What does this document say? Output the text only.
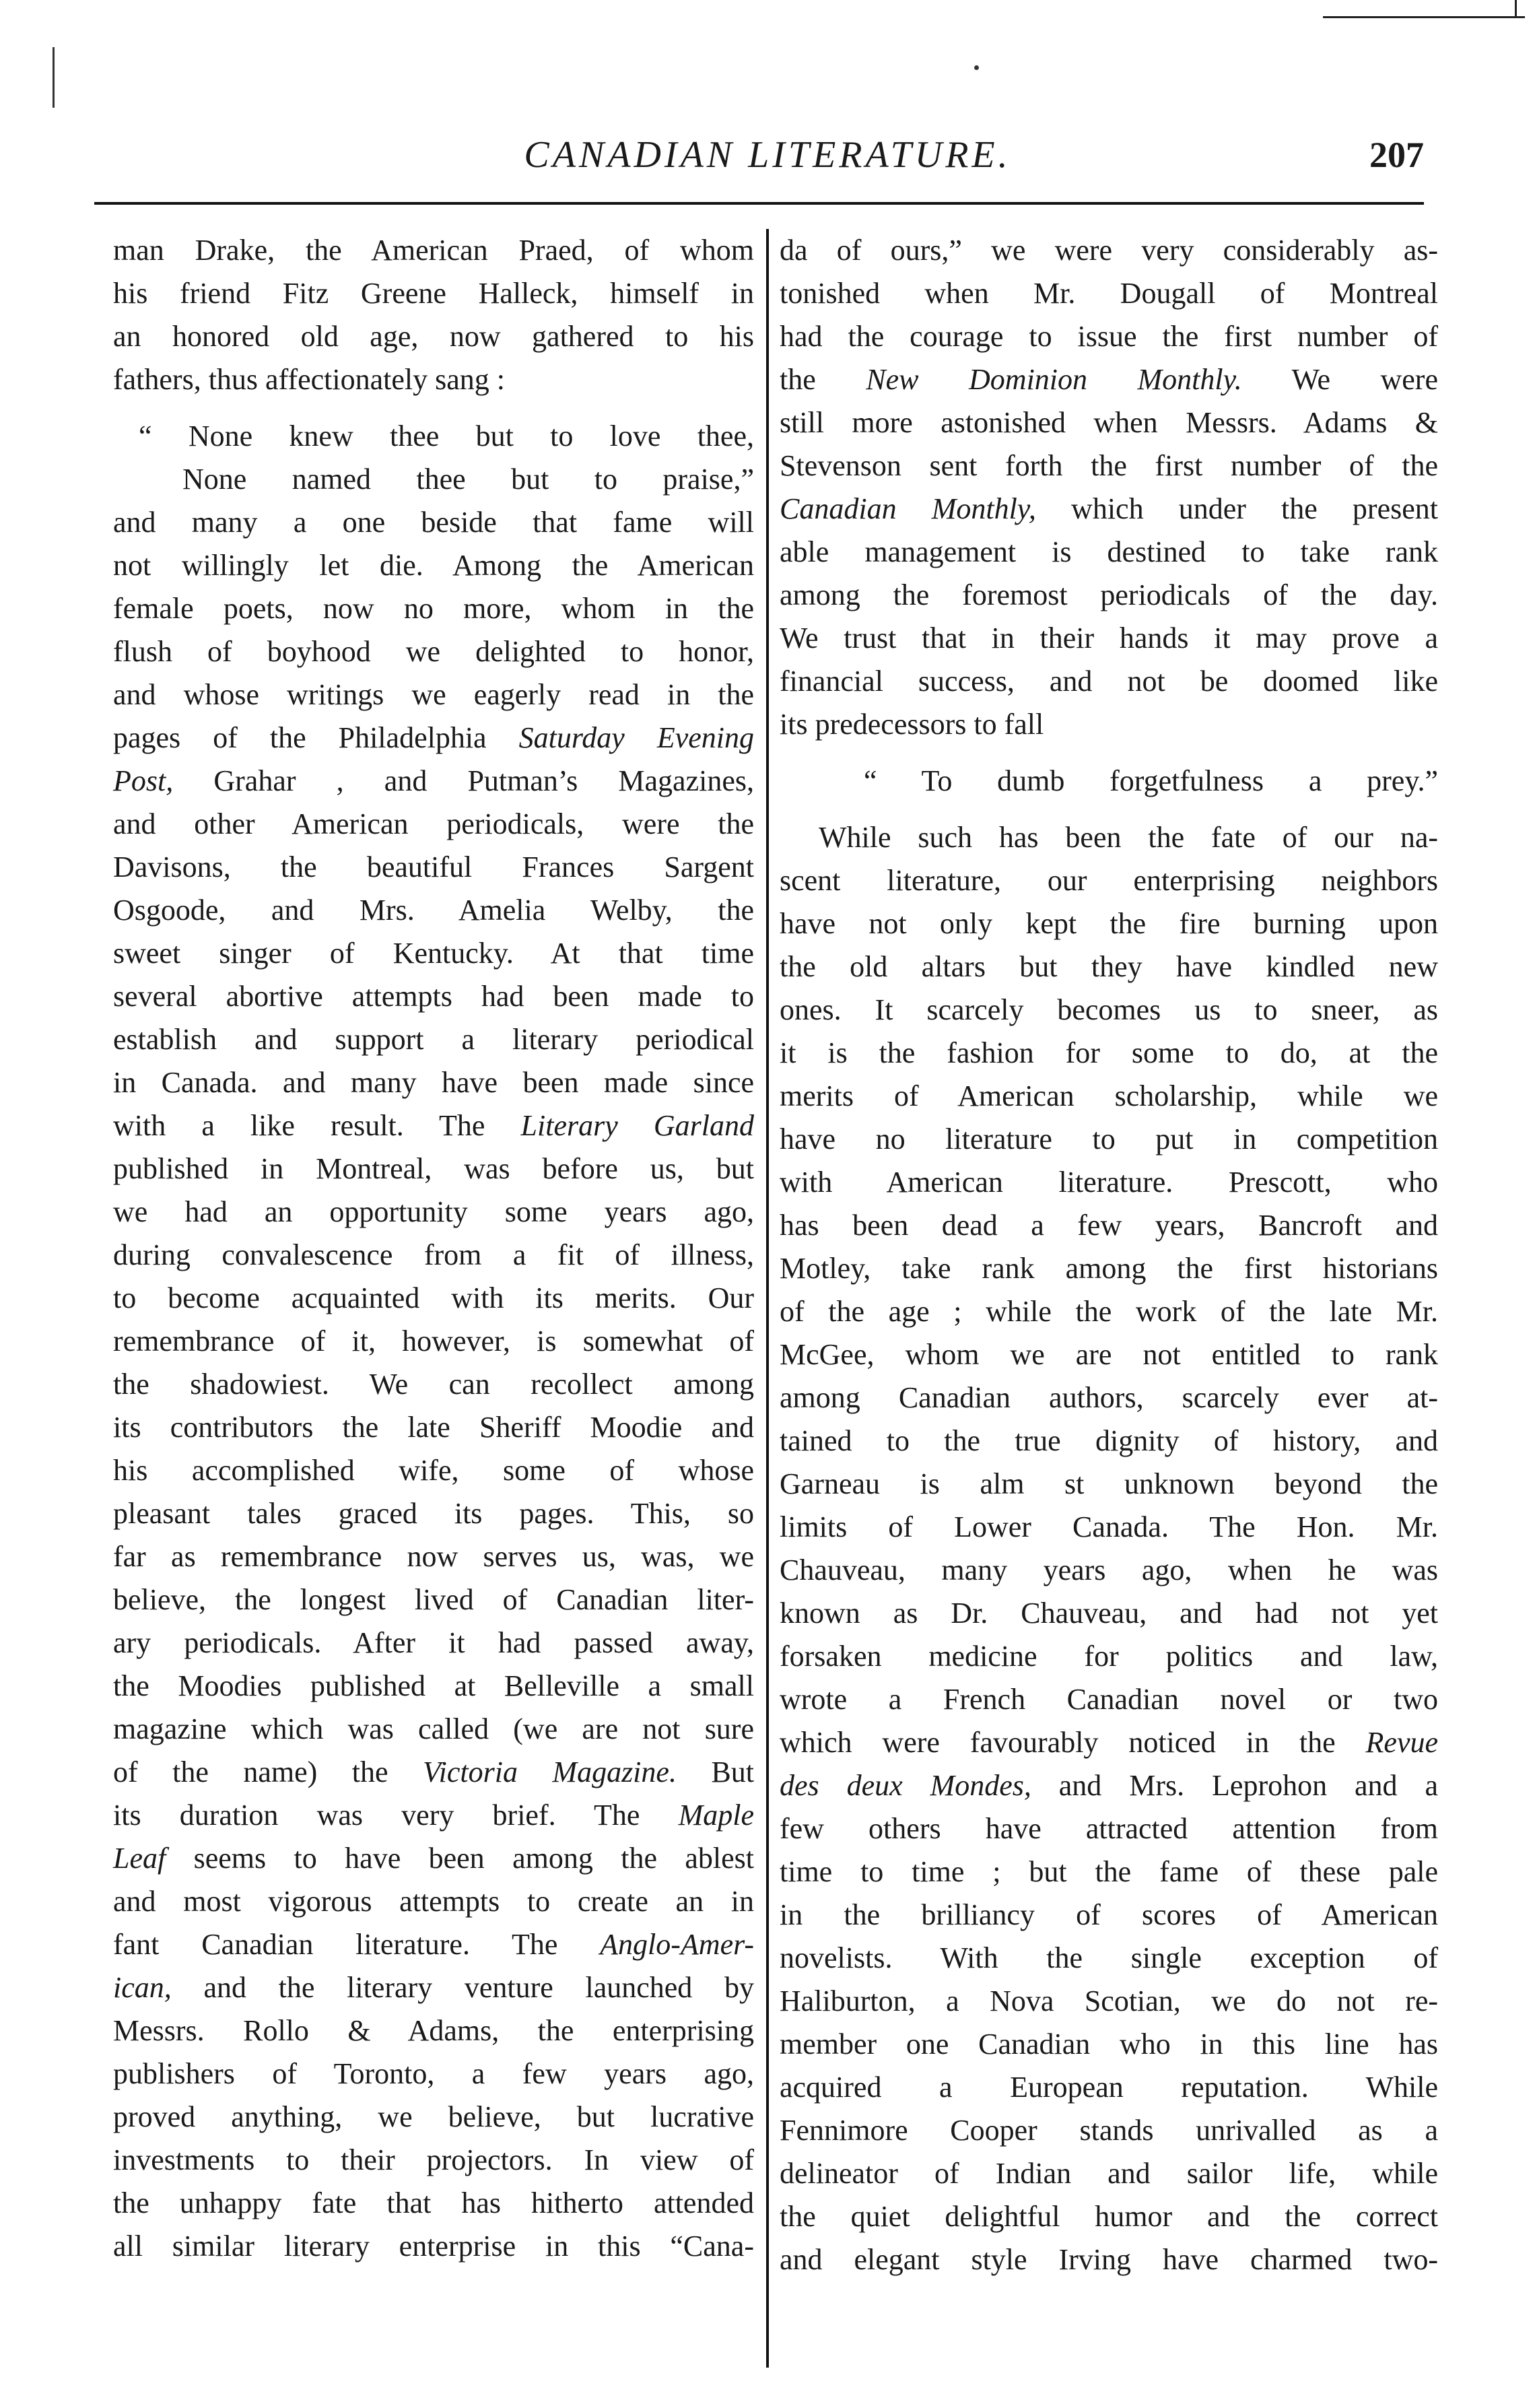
CANADIAN LITERATURE.	207

man Drake, the American Praed, of whom

his friend Fitz Greene Halleck, himself in

an honored old age, now gathered to his

fathers, thus affectionately sang :

“ None knew thee but to love thee,

None named thee but to praise,”

and many a one beside that fame will

not willingly let die. Among the American

female poets, now no more, whom in the

flush of boyhood we delighted to honor,

and whose writings we eagerly read in the

pages of the Philadelphia Saturday Evening

Post, Grahar , and Putman’s Magazines,

and other American periodicals, were the

Davisons, the beautiful Frances Sargent

Osgoode, and Mrs. Amelia Welby, the

sweet singer of Kentucky. At that time

several abortive attempts had been made to

establish and support a literary periodical

in Canada. and many have been made since

with a like result. The Literary Garland

published in Montreal, was before us, but

we had an opportunity some years ago,

during convalescence from a fit of illness,

to become acquainted with its merits. Our

remembrance of it, however, is somewhat of

the shadowiest. We can recollect among

its contributors the late Sheriff Moodie and

his accomplished wife, some of whose

pleasant tales graced its pages. This, so

far as remembrance now serves us, was, we

believe, the longest lived of Canadian liter-

ary periodicals. After it had passed away,

the Moodies published at Belleville a small

magazine which was called (we are not sure

of the name) the Victoria Magazine. But

its duration was very brief. The Maple

Leaf seems to have been among the ablest

and most vigorous attempts to create an in

fant Canadian literature. The Anglo-Amer-

ican, and the literary venture launched by

Messrs. Rollo & Adams, the enterprising

publishers of Toronto, a few years ago,

proved anything, we believe, but lucrative

investments to their projectors. In view of

the unhappy fate that has hitherto attended

all similar literary enterprise in this “Cana-

da of ours,” we were very considerably as-

tonished when Mr. Dougall of Montreal

had the courage to issue the first number of

the New Dominion Monthly. We were

still more astonished when Messrs. Adams &

Stevenson sent forth the first number of the

Canadian Monthly, which under the present

able management is destined to take rank

among the foremost periodicals of the day.

We trust that in their hands it may prove a

financial success, and not be doomed like

its predecessors to fall

“ To dumb forgetfulness a prey.”

While such has been the fate of our na-

scent literature, our enterprising neighbors

have not only kept the fire burning upon

the old altars but they have kindled new

ones. It scarcely becomes us to sneer, as

it is the fashion for some to do, at the

merits of American scholarship, while we

have no literature to put in competition

with American literature. Prescott, who

has been dead a few years, Bancroft and

Motley, take rank among the first historians

of the age ; while the work of the late Mr.

McGee, whom we are not entitled to rank

among Canadian authors, scarcely ever at-

tained to the true dignity of history, and

Garneau is alm st unknown beyond the

limits of Lower Canada. The Hon. Mr.

Chauveau, many years ago, when he was

known as Dr. Chauveau, and had not yet

forsaken medicine for politics and law,

wrote a French Canadian novel or two

which were favourably noticed in the Revue

des deux Mondes, and Mrs. Leprohon and a

few others have attracted attention from

time to time ; but the fame of these pale

in the brilliancy of scores of American

novelists. With the single exception of

Haliburton, a Nova Scotian, we do not re-

member one Canadian who in this line has

acquired a European reputation. While

Fennimore Cooper stands unrivalled as a

delineator of Indian and sailor life, while

the quiet delightful humor and the correct

and elegant style Irving have charmed two-
